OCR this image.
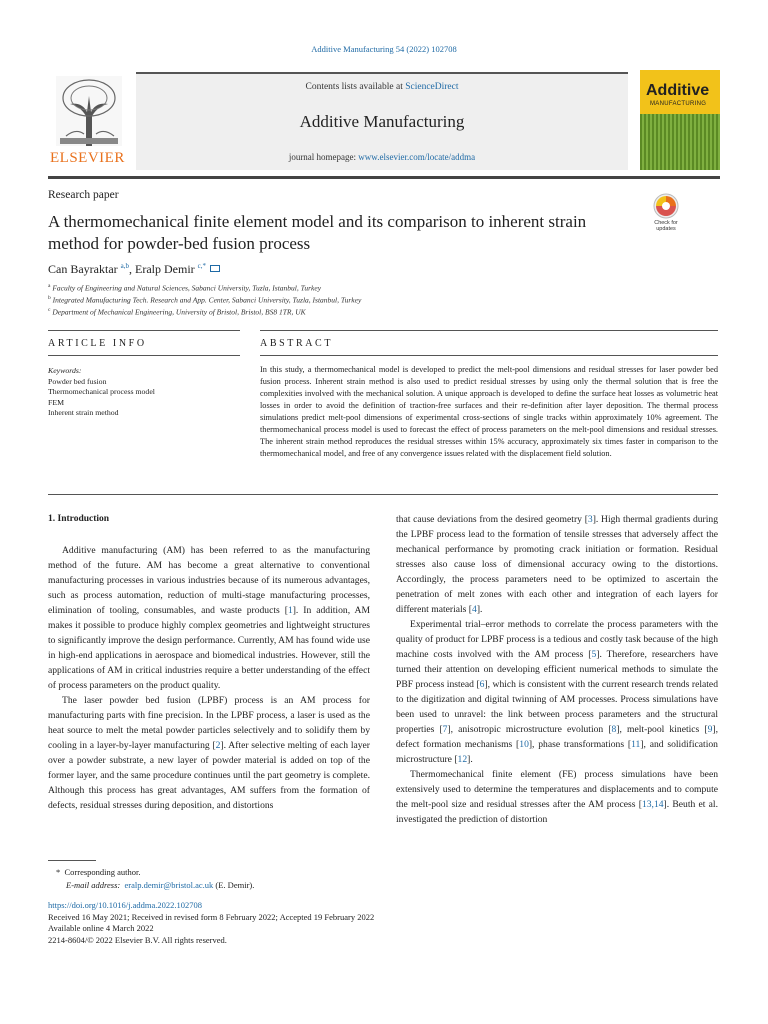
Additive Manufacturing 54 (2022) 102708
ELSEVIER
Contents lists available at ScienceDirect
Additive Manufacturing
journal homepage: www.elsevier.com/locate/addma
Additive
MANUFACTURING
Research paper
A thermomechanical finite element model and its comparison to inherent strain method for powder-bed fusion process
Check for updates
Can Bayraktar $^{a,b}$, Eralp Demir $^{c,*}$
$^a$ Faculty of Engineering and Natural Sciences, Sabanci University, Tuzla, Istanbul, Turkey
$^b$ Integrated Manufacturing Tech. Research and App. Center, Sabanci University, Tuzla, Istanbul, Turkey
$^c$ Department of Mechanical Engineering, University of Bristol, Bristol, BS8 1TR, UK
ARTICLE INFO	ABSTRACT
Keywords:
Powder bed fusion
Thermomechanical process model
FEM
Inherent strain method
In this study, a thermomechanical model is developed to predict the melt-pool dimensions and residual stresses for laser powder bed fusion process. Inherent strain method is also used to predict residual stresses by using only the thermal solution that is free the complexities involved with the mechanical solution. A unique approach is developed to define the surface heat losses as volumetric heat losses in order to avoid the definition of traction-free surfaces and their re-definition after layer deposition. The thermal process simulations predict melt-pool dimensions of experimental cross-sections of single tracks within approximately 10% agreement. The thermomechanical process model is used to forecast the effect of process parameters on the melt-pool dimensions and residual stresses. The inherent strain method reproduces the residual stresses within 15% accuracy, approximately six times faster in comparison to the thermomechanical model, and free of any convergence issues related with the displacement field solution.
1. Introduction

Additive manufacturing (AM) has been referred to as the manufacturing method of the future. AM has become a great alternative to conventional manufacturing processes in various industries because of its numerous advantages, such as process automation, reduction of multi-stage manufacturing processes, elimination of tooling, consumables, and waste products [1]. In addition, AM makes it possible to produce highly complex geometries and lightweight structures to significantly improve the design performance. Currently, AM has found wide use in high-end applications in aerospace and biomedical industries. However, still the applications of AM in critical industries require a better understanding of the effect of process parameters on the product quality.

The laser powder bed fusion (LPBF) process is an AM process for manufacturing parts with fine precision. In the LPBF process, a laser is used as the heat source to melt the metal powder particles selectively and to solidify them by cooling in a layer-by-layer manufacturing [2]. After selective melting of each layer over a powder substrate, a new layer of powder material is added on top of the former layer, and the same procedure continues until the part geometry is complete. Although this process has great advantages, AM suffers from the formation of defects, residual stresses during deposition, and distortions

that cause deviations from the desired geometry [3]. High thermal gradients during the LPBF process lead to the formation of tensile stresses that adversely affect the mechanical performance by promoting crack initiation or formation. Residual stresses also cause loss of dimensional accuracy owing to the distortions. Accordingly, the process parameters need to be optimized to ascertain the penetration of melt zones with each other and integration of each layers for different materials [4].

Experimental trial–error methods to correlate the process parameters with the quality of product for LPBF process is a tedious and costly task because of the high machine costs involved with the AM process [5]. Therefore, researchers have turned their attention on developing efficient numerical methods to simulate the PBF process instead [6], which is consistent with the current research trends related to the digitization and digital twinning of AM processes. Process simulations have been used to unravel: the link between process parameters and the structural properties [7], anisotropic microstructure evolution [8], melt-pool kinetics [9], defect formation mechanisms [10], phase transformations [11], and solidification microstructure [12].

Thermomechanical finite element (FE) process simulations have been extensively used to determine the temperatures and displacements and to compute the melt-pool size and residual stresses after the AM process [13,14]. Beuth et al. investigated the prediction of distortion

* Corresponding author.
E-mail address: eralp.demir@bristol.ac.uk (E. Demir).
https://doi.org/10.1016/j.addma.2022.102708
Received 16 May 2021; Received in revised form 8 February 2022; Accepted 19 February 2022
Available online 4 March 2022
2214-8604/© 2022 Elsevier B.V. All rights reserved.
